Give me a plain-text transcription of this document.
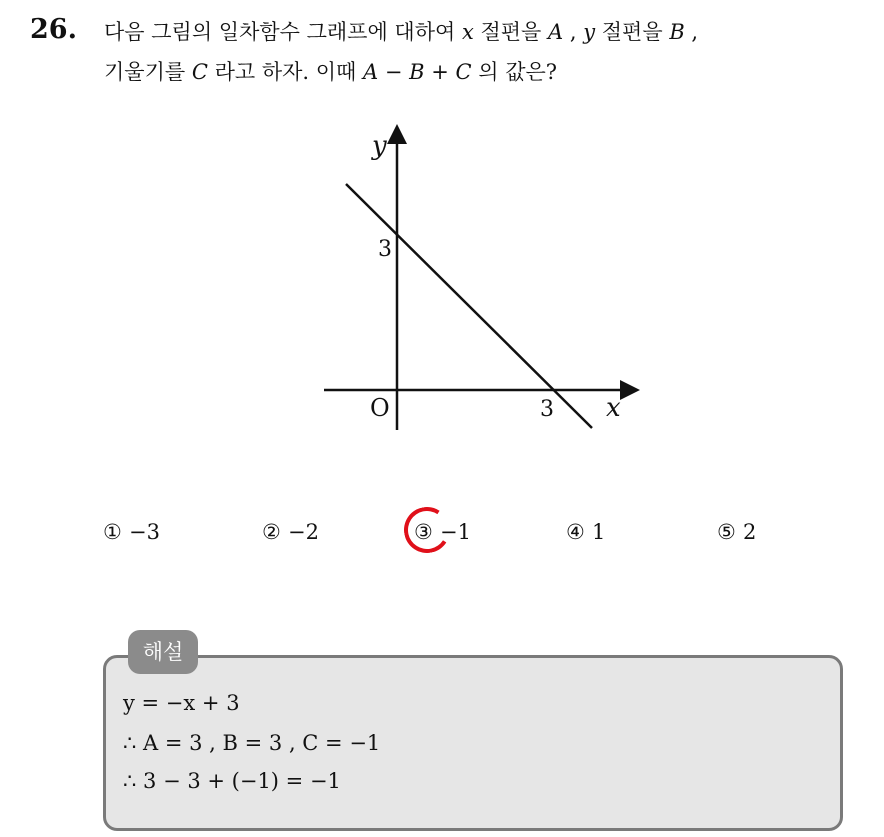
26. 다음 그림의 일차함수 그래프에 대하여 x 절편을 A , y 절편을 B ,
기울기를 C 라고 하자. 이때 A − B + C 의 값은?
y
x
O
3
3
① −3	② −2	③ −1	④ 1	⑤ 2
해설
y = −x + 3
∴ A = 3 , B = 3 , C = −1
∴ 3 − 3 + (−1) = −1
